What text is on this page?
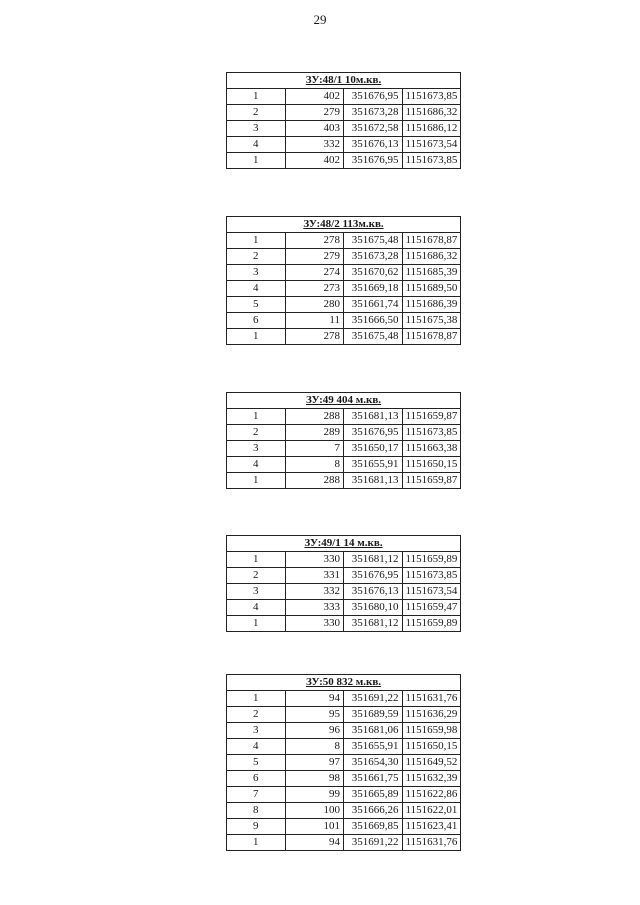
29
ЗУ:48/1 10м.кв.			
1	402	351676,95	1151673,85
2	279	351673,28	1151686,32
3	403	351672,58	1151686,12
4	332	351676,13	1151673,54
1	402	351676,95	1151673,85
ЗУ:48/2 113м.кв.			
1	278	351675,48	1151678,87
2	279	351673,28	1151686,32
3	274	351670,62	1151685,39
4	273	351669,18	1151689,50
5	280	351661,74	1151686,39
6	11	351666,50	1151675,38
1	278	351675,48	1151678,87
ЗУ:49 404 м.кв.			
1	288	351681,13	1151659,87
2	289	351676,95	1151673,85
3	7	351650,17	1151663,38
4	8	351655,91	1151650,15
1	288	351681,13	1151659,87
ЗУ:49/1 14 м.кв.			
1	330	351681,12	1151659,89
2	331	351676,95	1151673,85
3	332	351676,13	1151673,54
4	333	351680,10	1151659,47
1	330	351681,12	1151659,89
ЗУ:50 832 м.кв.			
1	94	351691,22	1151631,76
2	95	351689,59	1151636,29
3	96	351681,06	1151659,98
4	8	351655,91	1151650,15
5	97	351654,30	1151649,52
6	98	351661,75	1151632,39
7	99	351665,89	1151622,86
8	100	351666,26	1151622,01
9	101	351669,85	1151623,41
1	94	351691,22	1151631,76
